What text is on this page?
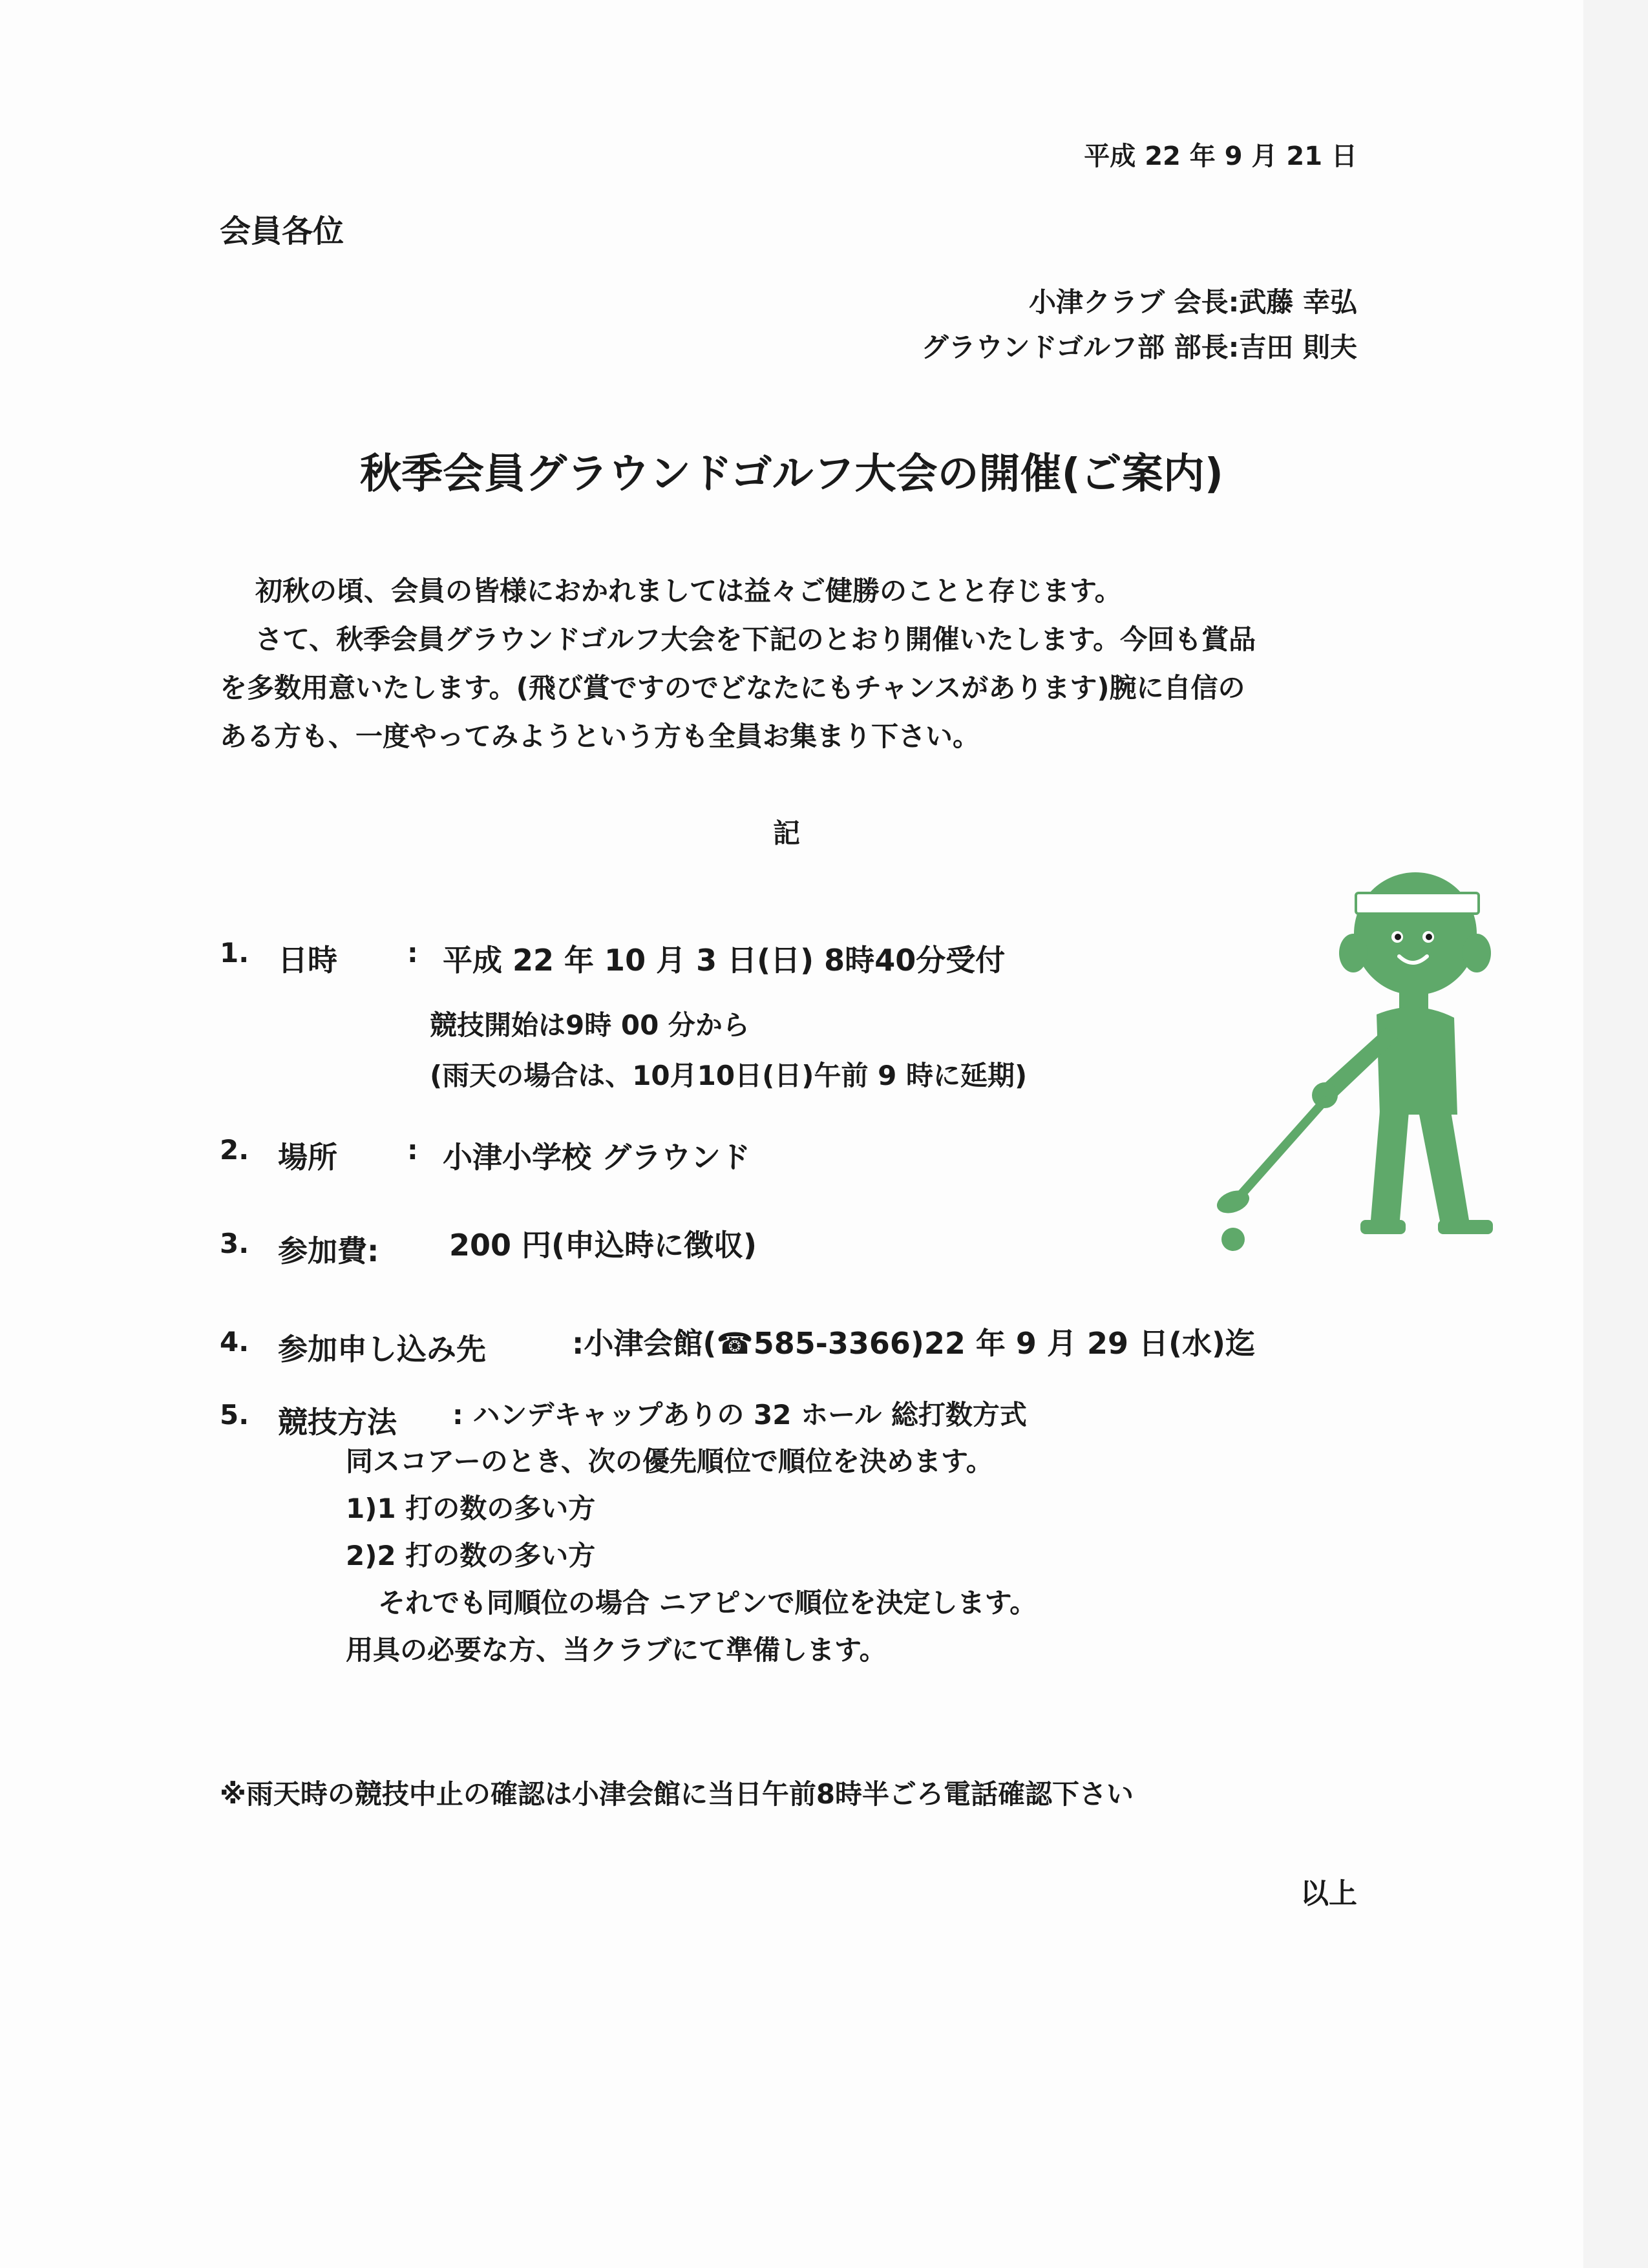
平成 22 年 9 月 21 日
会員各位
小津クラブ 会長:武藤 幸弘
グラウンドゴルフ部 部長:吉田 則夫
秋季会員グラウンドゴルフ大会の開催(ご案内)
初秋の頃、会員の皆様におかれましては益々ご健勝のことと存じます。
さて、秋季会員グラウンドゴルフ大会を下記のとおり開催いたします。今回も賞品
を多数用意いたします。(飛び賞ですのでどなたにもチャンスがあります)腕に自信の
ある方も、一度やってみようという方も全員お集まり下さい。
記
1. 日時	: 平成 22 年 10 月 3 日(日) 8時40分受付
競技開始は9時 00 分から
(雨天の場合は、10月10日(日)午前 9 時に延期)
2. 場所	: 小津小学校 グラウンド
3. 参加費: 200 円(申込時に徴収)
4. 参加申し込み先	:小津会館(☎585-3366)22 年 9 月 29 日(水)迄
5. 競技方法 : ハンデキャップありの 32 ホール 総打数方式
同スコアーのとき、次の優先順位で順位を決めます。
1)1 打の数の多い方
2)2 打の数の多い方
それでも同順位の場合 ニアピンで順位を決定します。
用具の必要な方、当クラブにて準備します。
※雨天時の競技中止の確認は小津会館に当日午前8時半ごろ電話確認下さい
以上
